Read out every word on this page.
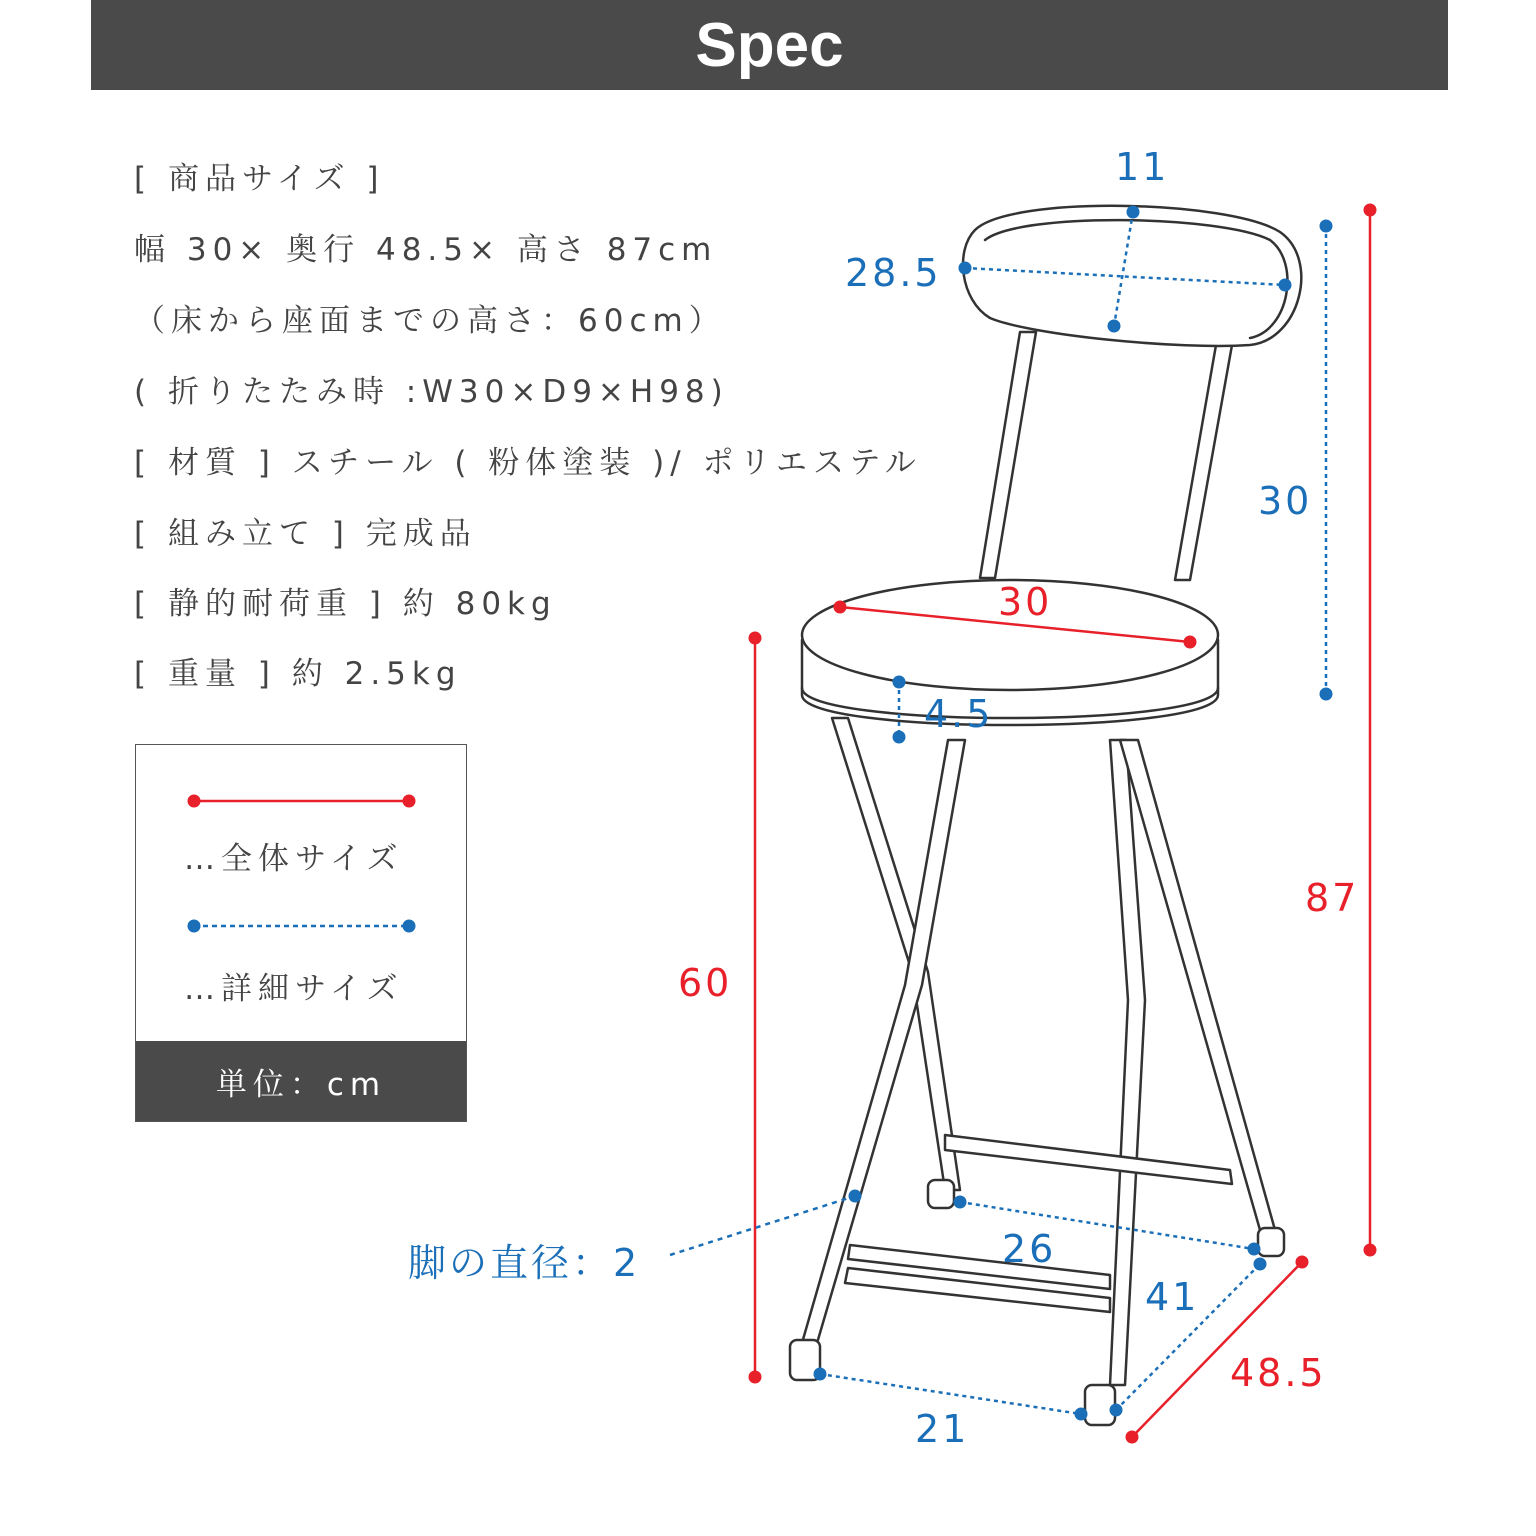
Spec
[ 商品サイズ ]
幅 30× 奥行 48.5× 高さ 87cm
（床から座面までの高さ：60cm）
( 折りたたみ時 :W30×D9×H98)
[ 材質 ] スチール ( 粉体塗装 )/ ポリエステル
[ 組み立て ] 完成品
[ 静的耐荷重 ] 約 80kg
[ 重量 ] 約 2.5kg
…全体サイズ
…詳細サイズ
単位：cm
87
60
30
48.5
11
28.5
30
4.5
脚の直径：2	26
41
21
